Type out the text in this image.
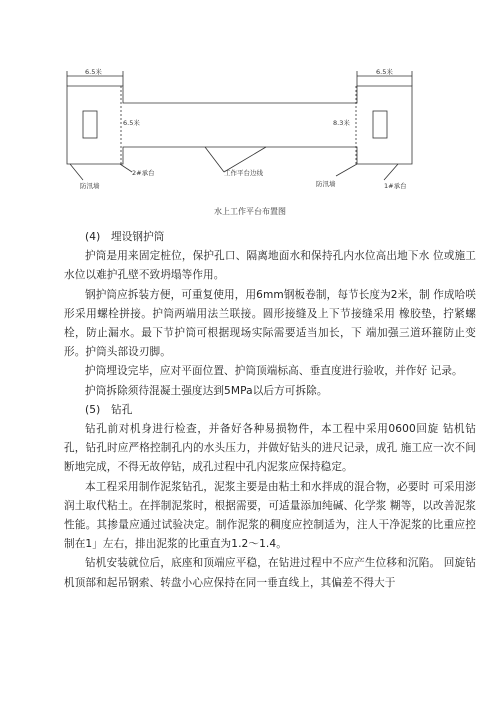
6.5米	6.5米
6.5米	8.3米
防汛墙
2#承台	工作平台边线
防汛墙	1#承台
水上工作平台布置图

(4)　埋设钢护筒

护筒是用来固定桩位，保护孔口、隔离地面水和保持孔内水位高出地下水 位或施工水位以难护孔壁不致坍塌等作用。

钢护筒应拆装方便，可重复使用，用6mm钢板卷制，每节长度为2米，制 作成哈咲形采用螺栓拼接。护筒两端用法兰联接。圆形接缝及上下节接缝采用 橡胶垫，拧紧螺栓，防止漏水。最下节护筒可根据现场实际需要适当加长，下 端加强三道环箍防止变形。护筒头部设刃脚。

护筒埋设完毕，应对平面位置、护筒顶端标高、垂直度进行验收，并作好 记录。

护筒拆除须待混凝土强度达到5MPa以后方可拆除。

(5)　钻孔

钻孔前对机身进行检查，并备好各种易损物件，本工程中采用0600回旋 钻机钻孔，钻孔时应严格控制孔内的水头压力，并做好钻头的进尺记录，成孔 施工应一次不间断地完成，不得无故停钻，成孔过程中孔内泥浆应保持稳定。

本工程采用制作泥浆钻孔，泥浆主要是由粘土和水拌成的混合物，必要时 可采用澎润土取代粘土。在拌制泥浆时，根据需要，可适量添加纯碱、化学浆 糊等，以改善泥浆性能。其掺量应通过试验决定。制作泥浆的稠度应控制适为，注人干净泥浆的比重应控制在1」左右，排出泥浆的比重直为1.2～1.4。

钻机安装就位后，底座和顶端应平稳，在钻进过程中不应产生位移和沉陷。 回旋钻机顶部和起吊钢索、转盘小心应保持在同一垂直线上，其偏差不得大于
